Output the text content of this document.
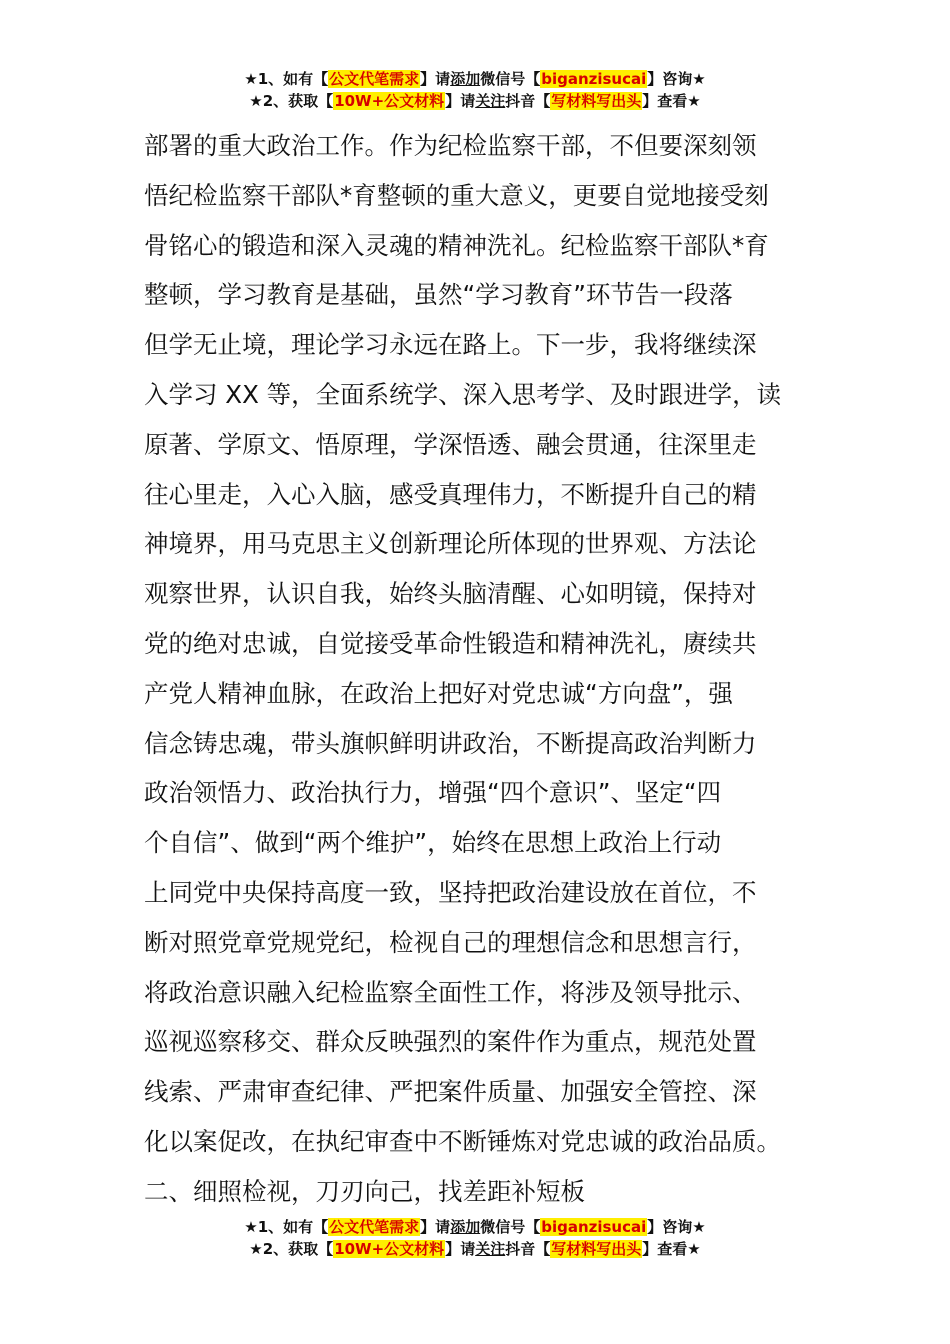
★1、如有【公文代笔需求】请添加微信号【biganzisucai】咨询★
★2、获取【10W+公文材料】请关注抖音【写材料写出头】查看★
部署的重大政治工作。作为纪检监察干部，不但要深刻领
悟纪检监察干部队*育整顿的重大意义，更要自觉地接受刻
骨铭心的锻造和深入灵魂的精神洗礼。纪检监察干部队*育
整顿，学习教育是基础，虽然“学习教育”环节告一段落
但学无止境，理论学习永远在路上。下一步，我将继续深
入学习 XX 等，全面系统学、深入思考学、及时跟进学，读
原著、学原文、悟原理，学深悟透、融会贯通，往深里走
往心里走，入心入脑，感受真理伟力，不断提升自己的精
神境界，用马克思主义创新理论所体现的世界观、方法论
观察世界，认识自我，始终头脑清醒、心如明镜，保持对
党的绝对忠诚，自觉接受革命性锻造和精神洗礼，赓续共
产党人精神血脉，在政治上把好对党忠诚“方向盘”，强
信念铸忠魂，带头旗帜鲜明讲政治，不断提高政治判断力
政治领悟力、政治执行力，增强“四个意识”、坚定“四
个自信”、做到“两个维护”，始终在思想上政治上行动
上同党中央保持高度一致，坚持把政治建设放在首位，不
断对照党章党规党纪，检视自己的理想信念和思想言行，
将政治意识融入纪检监察全面性工作，将涉及领导批示、
巡视巡察移交、群众反映强烈的案件作为重点，规范处置
线索、严肃审查纪律、严把案件质量、加强安全管控、深
化以案促改，在执纪审查中不断锤炼对党忠诚的政治品质。
二、细照检视，刀刃向己，找差距补短板
★1、如有【公文代笔需求】请添加微信号【biganzisucai】咨询★
★2、获取【10W+公文材料】请关注抖音【写材料写出头】查看★
